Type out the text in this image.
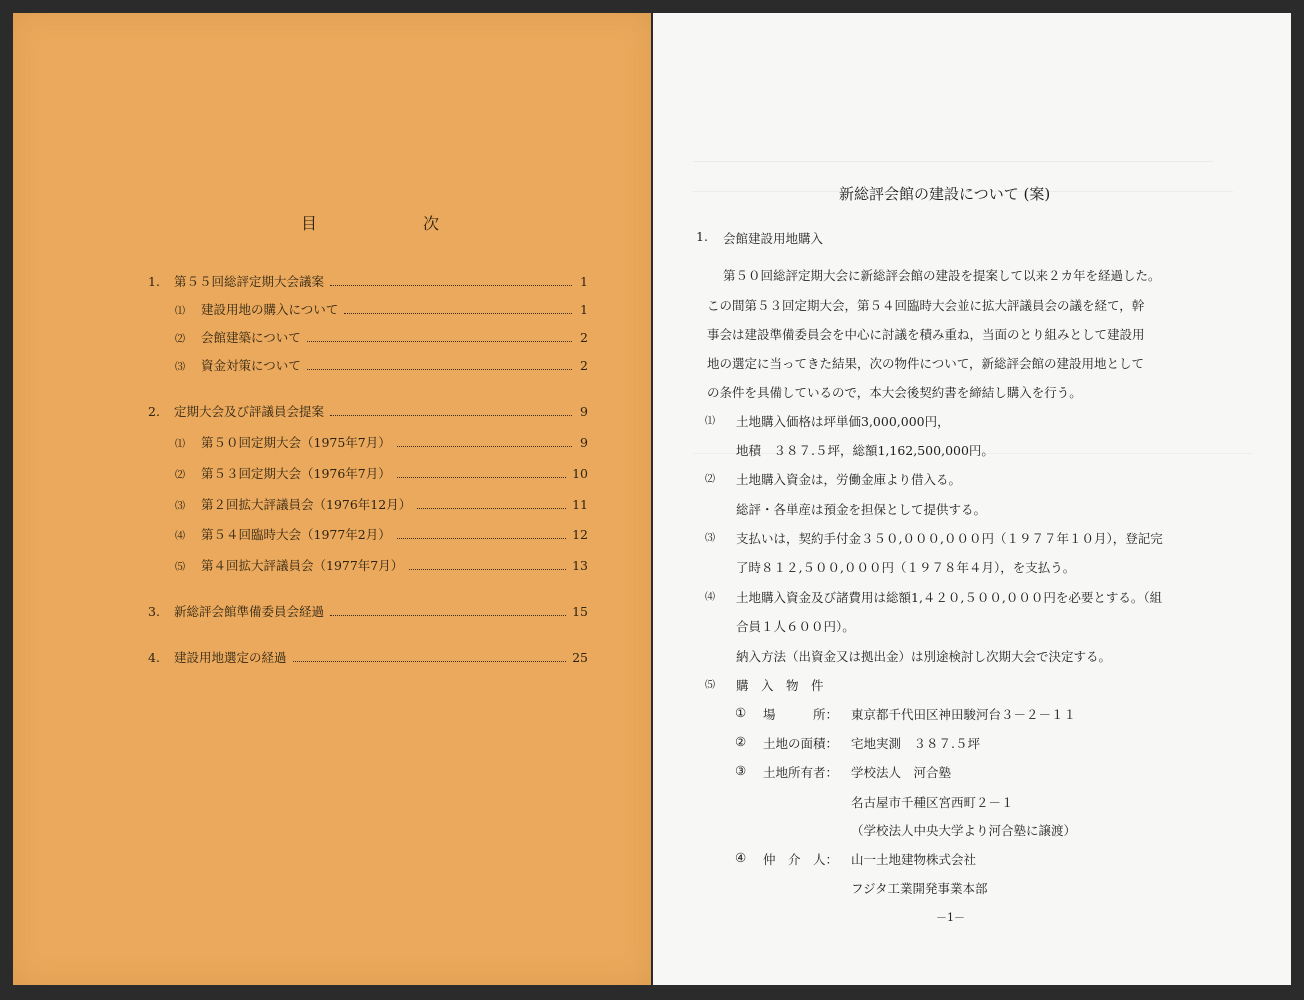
目	次
1.	第５５回総評定期大会議案	1
⑴	建設用地の購入について	1
⑵	会館建築について	2
⑶	資金対策について	2
2.	定期大会及び評議員会提案	9
⑴	第５０回定期大会（1975年7月）	9
⑵	第５３回定期大会（1976年7月）	10
⑶	第２回拡大評議員会（1976年12月）	11
⑷	第５４回臨時大会（1977年2月）	12
⑸	第４回拡大評議員会（1977年7月）	13
3.	新総評会館準備委員会経過	15
4.	建設用地選定の経過	25
新総評会館の建設について (案)
1. 会館建設用地購入
第５０回総評定期大会に新総評会館の建設を提案して以来２カ年を経過した。
この間第５３回定期大会，第５４回臨時大会並に拡大評議員会の議を経て，幹
事会は建設準備委員会を中心に討議を積み重ね，当面のとり組みとして建設用
地の選定に当ってきた結果，次の物件について，新総評会館の建設用地として
の条件を具備しているので，本大会後契約書を締結し購入を行う。
⑴ 土地購入価格は坪単価3,000,000円，
地積　３８７.５坪，総額1,162,500,000円。
⑵ 土地購入資金は，労働金庫より借入る。
総評・各単産は預金を担保として提供する。
⑶ 支払いは，契約手付金３５０,０００,０００円（１９７７年１０月），登記完
了時８１２,５００,０００円（１９７８年４月），を支払う。
⑷ 土地購入資金及び諸費用は総額1,４２０,５００,０００円を必要とする。（組
合員１人６００円）。
納入方法（出資金又は拠出金）は別途検討し次期大会で決定する。
⑸ 購　入　物　件
① 場　　　所： 東京都千代田区神田駿河台３－２－１１
② 土地の面積： 宅地実測　３８７.５坪
③ 土地所有者： 学校法人　河合塾
名古屋市千種区宮西町２－１
（学校法人中央大学より河合塾に譲渡）
④ 仲　介　人： 山一土地建物株式会社
フジタ工業開発事業本部
－1－
